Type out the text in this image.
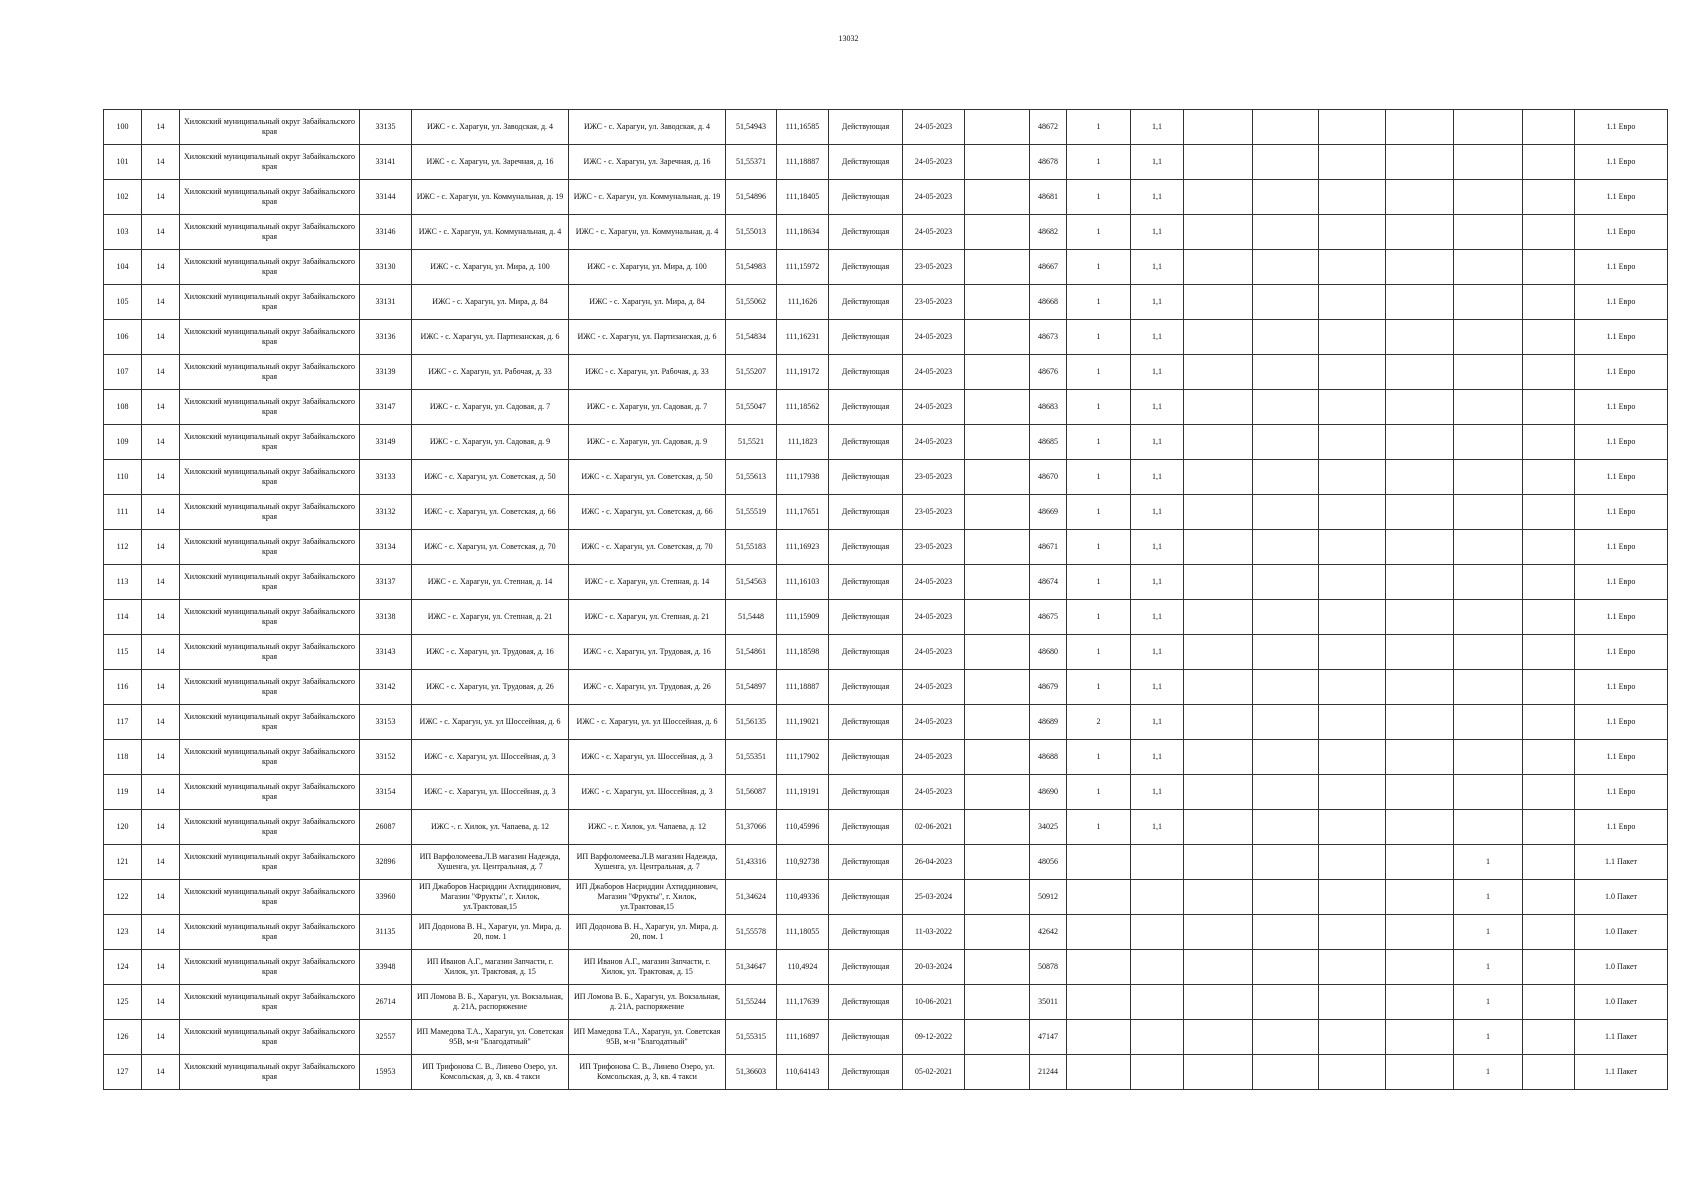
13032
100	14	Хилокский муниципальный округ Забайкальского края	33135	ИЖС - с. Харагун, ул. Заводская, д. 4	ИЖС - с. Харагун, ул. Заводская, д. 4	51,54943	111,16585	Действующая	24-05-2023		48672	1	1,1							1.1 Евро
101	14	Хилокский муниципальный округ Забайкальского края	33141	ИЖС - с. Харагун, ул. Заречная, д. 16	ИЖС - с. Харагун, ул. Заречная, д. 16	51,55371	111,18887	Действующая	24-05-2023		48678	1	1,1							1.1 Евро
102	14	Хилокский муниципальный округ Забайкальского края	33144	ИЖС - с. Харагун, ул. Коммунальная, д. 19	ИЖС - с. Харагун, ул. Коммунальная, д. 19	51,54896	111,18405	Действующая	24-05-2023		48681	1	1,1							1.1 Евро
103	14	Хилокский муниципальный округ Забайкальского края	33146	ИЖС - с. Харагун, ул. Коммунальная, д. 4	ИЖС - с. Харагун, ул. Коммунальная, д. 4	51,55013	111,18634	Действующая	24-05-2023		48682	1	1,1							1.1 Евро
104	14	Хилокский муниципальный округ Забайкальского края	33130	ИЖС - с. Харагун, ул. Мира, д. 100	ИЖС - с. Харагун, ул. Мира, д. 100	51,54983	111,15972	Действующая	23-05-2023		48667	1	1,1							1.1 Евро
105	14	Хилокский муниципальный округ Забайкальского края	33131	ИЖС - с. Харагун, ул. Мира, д. 84	ИЖС - с. Харагун, ул. Мира, д. 84	51,55062	111,1626	Действующая	23-05-2023		48668	1	1,1							1.1 Евро
106	14	Хилокский муниципальный округ Забайкальского края	33136	ИЖС - с. Харагун, ул. Партизанская, д. 6	ИЖС - с. Харагун, ул. Партизанская, д. 6	51,54834	111,16231	Действующая	24-05-2023		48673	1	1,1							1.1 Евро
107	14	Хилокский муниципальный округ Забайкальского края	33139	ИЖС - с. Харагун, ул. Рабочая, д. 33	ИЖС - с. Харагун, ул. Рабочая, д. 33	51,55207	111,19172	Действующая	24-05-2023		48676	1	1,1							1.1 Евро
108	14	Хилокский муниципальный округ Забайкальского края	33147	ИЖС - с. Харагун, ул. Садовая, д. 7	ИЖС - с. Харагун, ул. Садовая, д. 7	51,55047	111,18562	Действующая	24-05-2023		48683	1	1,1							1.1 Евро
109	14	Хилокский муниципальный округ Забайкальского края	33149	ИЖС - с. Харагун, ул. Садовая, д. 9	ИЖС - с. Харагун, ул. Садовая, д. 9	51,5521	111,1823	Действующая	24-05-2023		48685	1	1,1							1.1 Евро
110	14	Хилокский муниципальный округ Забайкальского края	33133	ИЖС - с. Харагун, ул. Советская, д. 50	ИЖС - с. Харагун, ул. Советская, д. 50	51,55613	111,17938	Действующая	23-05-2023		48670	1	1,1							1.1 Евро
111	14	Хилокский муниципальный округ Забайкальского края	33132	ИЖС - с. Харагун, ул. Советская, д. 66	ИЖС - с. Харагун, ул. Советская, д. 66	51,55519	111,17651	Действующая	23-05-2023		48669	1	1,1							1.1 Евро
112	14	Хилокский муниципальный округ Забайкальского края	33134	ИЖС - с. Харагун, ул. Советская, д. 70	ИЖС - с. Харагун, ул. Советская, д. 70	51,55183	111,16923	Действующая	23-05-2023		48671	1	1,1							1.1 Евро
113	14	Хилокский муниципальный округ Забайкальского края	33137	ИЖС - с. Харагун, ул. Степная, д. 14	ИЖС - с. Харагун, ул. Степная, д. 14	51,54563	111,16103	Действующая	24-05-2023		48674	1	1,1							1.1 Евро
114	14	Хилокский муниципальный округ Забайкальского края	33138	ИЖС - с. Харагун, ул. Степная, д. 21	ИЖС - с. Харагун, ул. Степная, д. 21	51,5448	111,15909	Действующая	24-05-2023		48675	1	1,1							1.1 Евро
115	14	Хилокский муниципальный округ Забайкальского края	33143	ИЖС - с. Харагун, ул. Трудовая, д. 16	ИЖС - с. Харагун, ул. Трудовая, д. 16	51,54861	111,18598	Действующая	24-05-2023		48680	1	1,1							1.1 Евро
116	14	Хилокский муниципальный округ Забайкальского края	33142	ИЖС - с. Харагун, ул. Трудовая, д. 26	ИЖС - с. Харагун, ул. Трудовая, д. 26	51,54897	111,18887	Действующая	24-05-2023		48679	1	1,1							1.1 Евро
117	14	Хилокский муниципальный округ Забайкальского края	33153	ИЖС - с. Харагун, ул. ул Шоссейная, д. 6	ИЖС - с. Харагун, ул. ул Шоссейная, д. 6	51,56135	111,19021	Действующая	24-05-2023		48689	2	1,1							1.1 Евро
118	14	Хилокский муниципальный округ Забайкальского края	33152	ИЖС - с. Харагун, ул. Шоссейная, д. 3	ИЖС - с. Харагун, ул. Шоссейная, д. 3	51,55351	111,17902	Действующая	24-05-2023		48688	1	1,1							1.1 Евро
119	14	Хилокский муниципальный округ Забайкальского края	33154	ИЖС - с. Харагун, ул. Шоссейная, д. 3	ИЖС - с. Харагун, ул. Шоссейная, д. 3	51,56087	111,19191	Действующая	24-05-2023		48690	1	1,1							1.1 Евро
120	14	Хилокский муниципальный округ Забайкальского края	26087	ИЖС -. г. Хилок, ул. Чапаева, д. 12	ИЖС -. г. Хилок, ул. Чапаева, д. 12	51,37066	110,45996	Действующая	02-06-2021		34025	1	1,1							1.1 Евро
121	14	Хилокский муниципальный округ Забайкальского края	32896	ИП Варфоломеева.Л.В магазин Надежда, Хушенга, ул. Центральная, д. 7	ИП Варфоломеева.Л.В магазин Надежда, Хушенга, ул. Центральная, д. 7	51,43316	110,92738	Действующая	26-04-2023		48056							1		1.1 Пакет
122	14	Хилокский муниципальный округ Забайкальского края	33960	ИП Джаборов Насриддин Ахтиддинович, Магазин "Фрукты", г. Хилок, ул.Трактовая,15	ИП Джаборов Насриддин Ахтиддинович, Магазин "Фрукты", г. Хилок, ул.Трактовая,15	51,34624	110,49336	Действующая	25-03-2024		50912							1		1.0 Пакет
123	14	Хилокский муниципальный округ Забайкальского края	31135	ИП Додонова В. Н., Харагун, ул. Мира, д. 20, пом. 1	ИП Додонова В. Н., Харагун, ул. Мира, д. 20, пом. 1	51,55578	111,18055	Действующая	11-03-2022		42642							1		1.0 Пакет
124	14	Хилокский муниципальный округ Забайкальского края	33948	ИП Иванов А.Г., магазин Запчасти, г. Хилок, ул. Трактовая, д. 15	ИП Иванов А.Г., магазин Запчасти, г. Хилок, ул. Трактовая, д. 15	51,34647	110,4924	Действующая	20-03-2024		50878							1		1.0 Пакет
125	14	Хилокский муниципальный округ Забайкальского края	26714	ИП Ломова В. Б., Харагун, ул. Вокзальная, д. 21А, распоряжение	ИП Ломова В. Б., Харагун, ул. Вокзальная, д. 21А, распоряжение	51,55244	111,17639	Действующая	10-06-2021		35011							1		1.0 Пакет
126	14	Хилокский муниципальный округ Забайкальского края	32557	ИП Мамедова Т.А., Харагун, ул. Советская 95В, м-н "Благодатный"	ИП Мамедова Т.А., Харагун, ул. Советская 95В, м-н "Благодатный"	51,55315	111,16897	Действующая	09-12-2022		47147							1		1.1 Пакет
127	14	Хилокский муниципальный округ Забайкальского края	15953	ИП Трифонова С. В., Линево Озеро, ул. Комсольская, д. 3, кв. 4 такси	ИП Трифонова С. В., Линево Озеро, ул. Комсольская, д. 3, кв. 4 такси	51,36603	110,64143	Действующая	05-02-2021		21244							1		1.1 Пакет
